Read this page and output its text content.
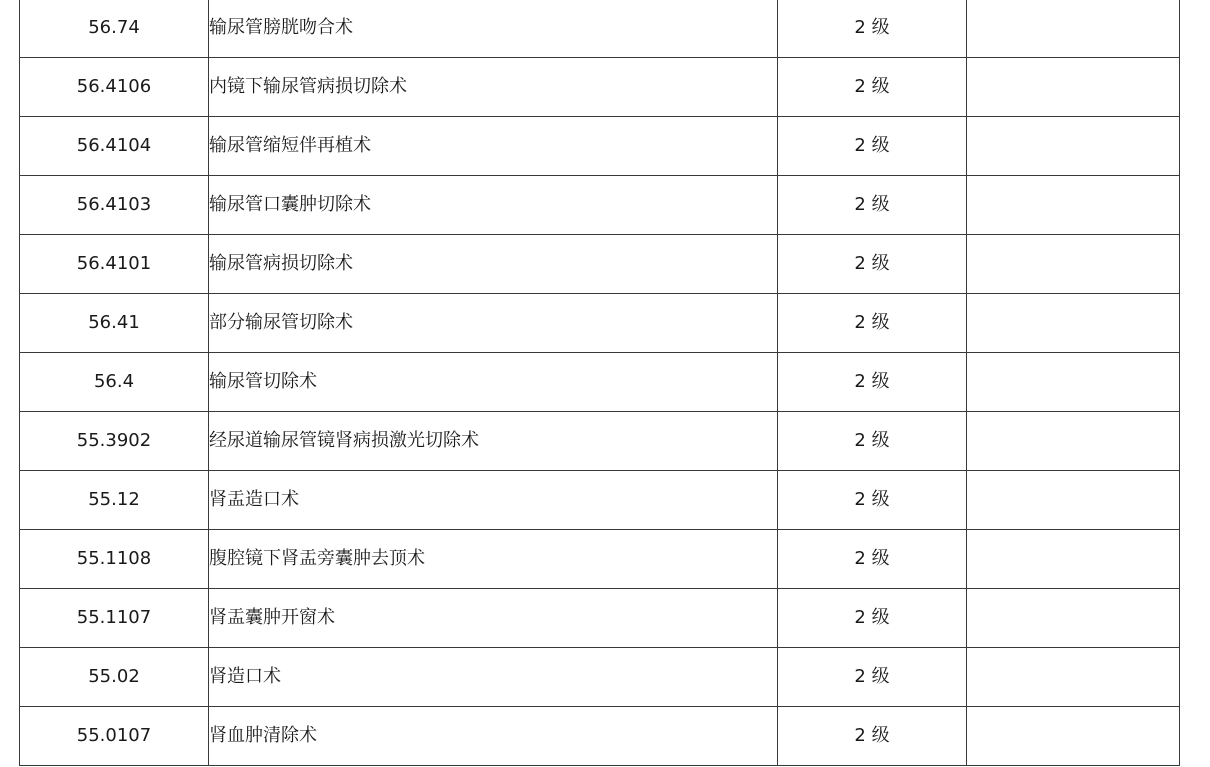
56.74	输尿管膀胱吻合术	2 级	
56.4106	内镜下输尿管病损切除术	2 级	
56.4104	输尿管缩短伴再植术	2 级	
56.4103	输尿管口囊肿切除术	2 级	
56.4101	输尿管病损切除术	2 级	
56.41	部分输尿管切除术	2 级	
56.4	输尿管切除术	2 级	
55.3902	经尿道输尿管镜肾病损激光切除术	2 级	
55.12	肾盂造口术	2 级	
55.1108	腹腔镜下肾盂旁囊肿去顶术	2 级	
55.1107	肾盂囊肿开窗术	2 级	
55.02	肾造口术	2 级	
55.0107	肾血肿清除术	2 级	
